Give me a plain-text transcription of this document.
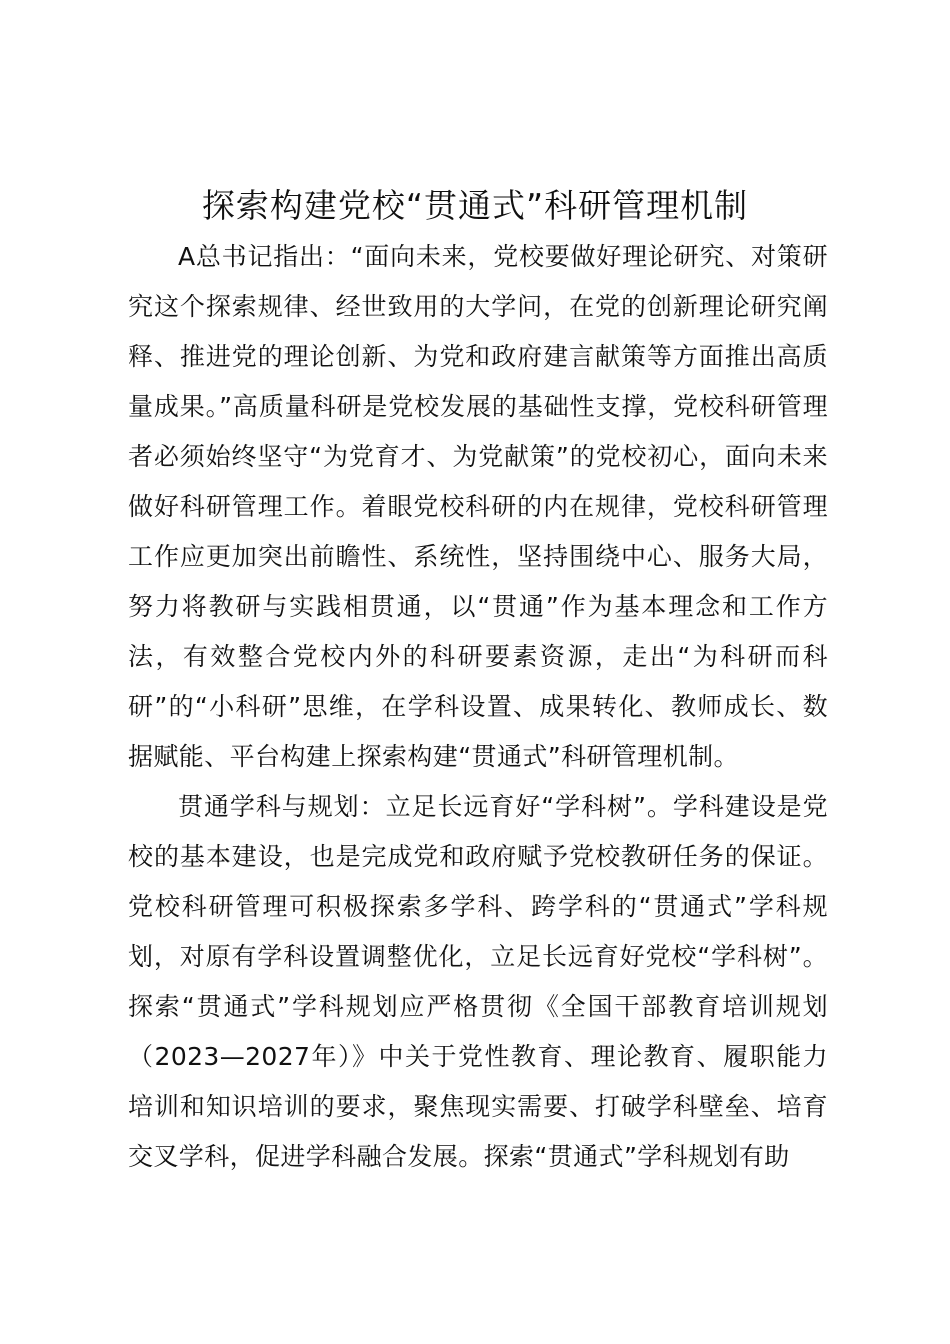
探索构建党校“贯通式”科研管理机制

A总书记指出：“面向未来，党校要做好理论研究、对策研究这个探索规律、经世致用的大学问，在党的创新理论研究阐释、推进党的理论创新、为党和政府建言献策等方面推出高质量成果。”高质量科研是党校发展的基础性支撑，党校科研管理者必须始终坚守“为党育才、为党献策”的党校初心，面向未来做好科研管理工作。着眼党校科研的内在规律，党校科研管理工作应更加突出前瞻性、系统性，坚持围绕中心、服务大局，努力将教研与实践相贯通，以“贯通”作为基本理念和工作方法，有效整合党校内外的科研要素资源，走出“为科研而科研”的“小科研”思维，在学科设置、成果转化、教师成长、数据赋能、平台构建上探索构建“贯通式”科研管理机制。

贯通学科与规划：立足长远育好“学科树”。学科建设是党校的基本建设，也是完成党和政府赋予党校教研任务的保证。党校科研管理可积极探索多学科、跨学科的“贯通式”学科规划，对原有学科设置调整优化，立足长远育好党校“学科树”。探索“贯通式”学科规划应严格贯彻《全国干部教育培训规划（2023—2027年）》中关于党性教育、理论教育、履职能力培训和知识培训的要求，聚焦现实需要、打破学科壁垒、培育交叉学科，促进学科融合发展。探索“贯通式”学科规划有助
